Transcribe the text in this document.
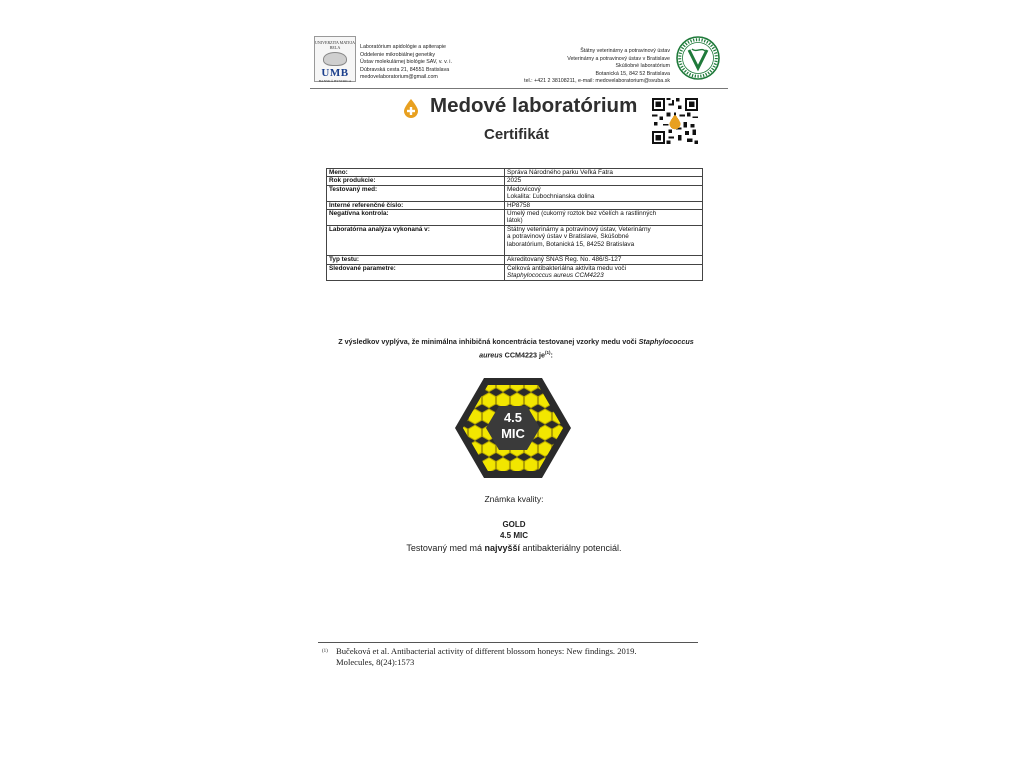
UNIVERZITA MATEJA BELA
UMB
BANSKÁ BYSTRICA
Laboratórium apidológie a apiterapie
Oddelenie mikrobiálnej genetiky
Ústav molekulárnej biológie SAV, v. v. i.
Dúbravská cesta 21, 84551 Bratislava
medovelaboratorium@gmail.com
Štátny veterinárny a potravinový ústav
Veterinárny a potravinový ústav v Bratislave
Skúšobné laboratórium
Botanická 15, 842 52 Bratislava
tel.: +421 2 38108211, e-mail: medovelaboratorium@svuba.sk
Medové laboratórium
Certifikát
Meno:	Správa Národného parku Veľká Fatra

Rok produkcie:	2025

Testovaný med:	Medovicový
Lokalita: Ľubochnianska dolina

Interné referenčné číslo:	HP8758

Negatívna kontrola:	Umelý med (cukorný roztok bez včelích a rastlinných
látok)

Laboratórna analýza vykonaná v:	Štátny veterinárny a potravinový ústav, Veterinárny
a potravinový ústav v Bratislave, Skúšobné
laboratórium, Botanická 15, 84252 Bratislava

Typ testu:	Akreditovaný SNAS Reg. No. 486/S-127

Sledované parametre:	Celková antibakteriálna aktivita medu voči
Staphylococcus aureus CCM4223
Z výsledkov vyplýva, že minimálna inhibičná koncentrácia testovanej vzorky medu voči Staphylococcus
aureus CCM4223 $je^{(1)}$:
4.5
MIC
Známka kvality:
GOLD
4.5 MIC
Testovaný med má najvyšší antibakteriálny potenciál.
(1) Bučeková et al. Antibacterial activity of different blossom honeys: New findings. 2019.
Molecules, 8(24):1573
